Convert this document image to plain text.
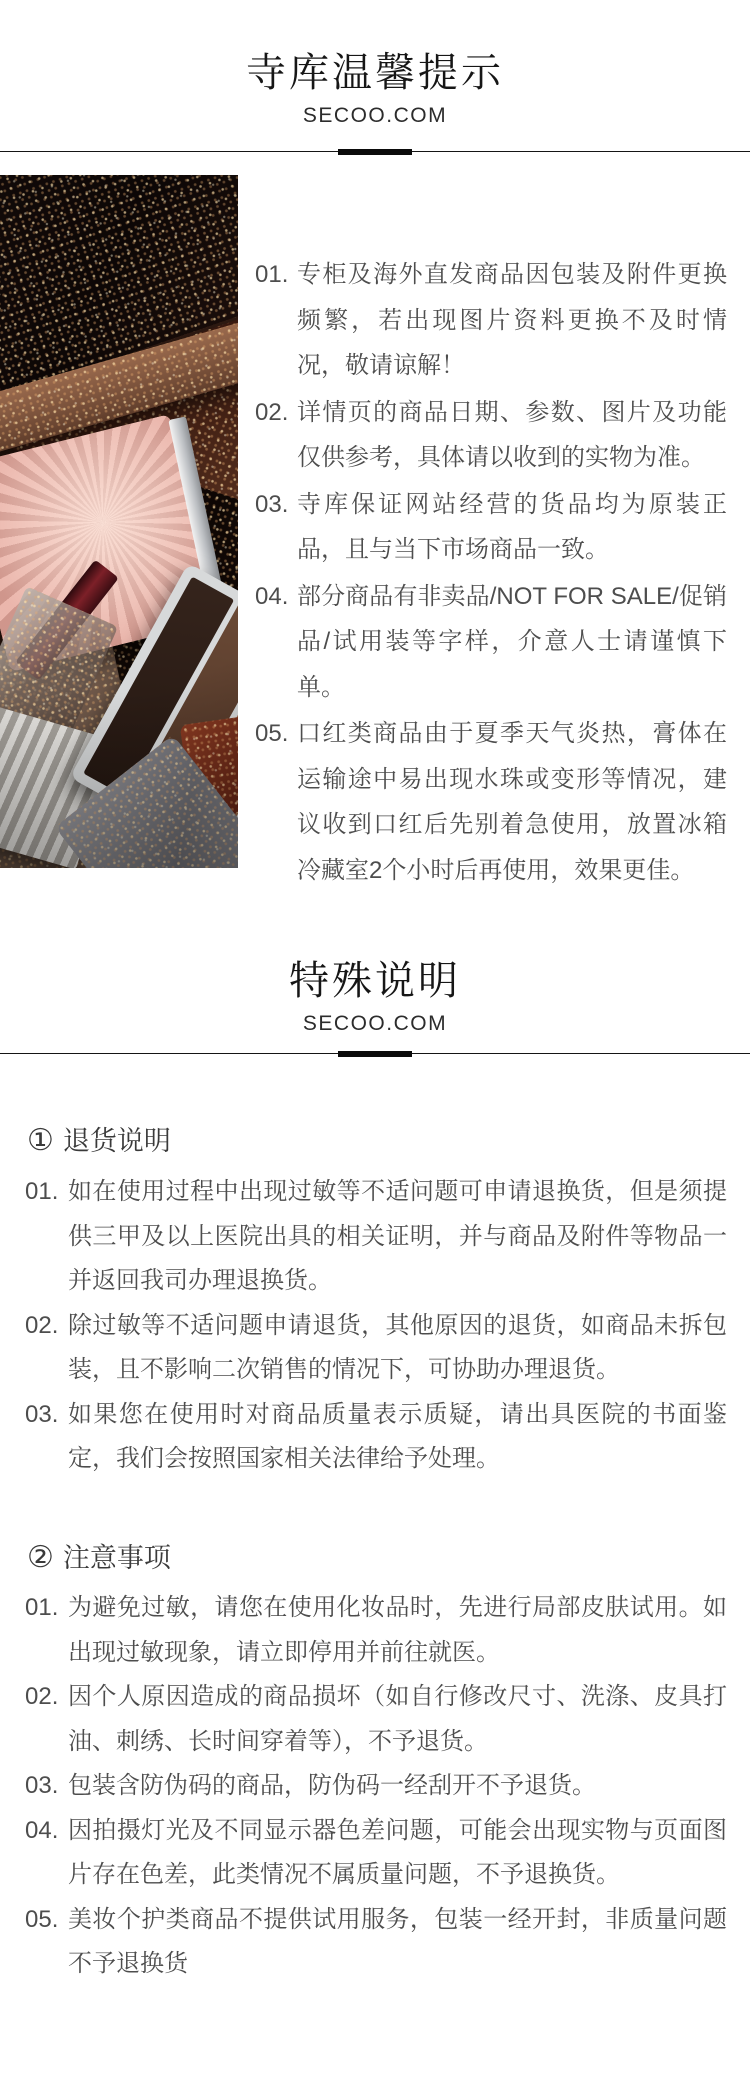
寺库温馨提示
SECOO.COM
01. 专柜及海外直发商品因包装及附件更换频繁，若出现图片资料更换不及时情况，敬请谅解！
02. 详情页的商品日期、参数、图片及功能仅供参考，具体请以收到的实物为准。
03. 寺库保证网站经营的货品均为原装正品，且与当下市场商品一致。
04. 部分商品有非卖品/NOT FOR SALE/促销品/试用装等字样，介意人士请谨慎下单。
05. 口红类商品由于夏季天气炎热，膏体在运输途中易出现水珠或变形等情况，建议收到口红后先别着急使用，放置冰箱冷藏室2个小时后再使用，效果更佳。
特殊说明
SECOO.COM
① 退货说明
01. 如在使用过程中出现过敏等不适问题可申请退换货，但是须提供三甲及以上医院出具的相关证明，并与商品及附件等物品一并返回我司办理退换货。
02. 除过敏等不适问题申请退货，其他原因的退货，如商品未拆包装，且不影响二次销售的情况下，可协助办理退货。
03. 如果您在使用时对商品质量表示质疑，请出具医院的书面鉴定，我们会按照国家相关法律给予处理。
② 注意事项
01. 为避免过敏，请您在使用化妆品时，先进行局部皮肤试用。如出现过敏现象，请立即停用并前往就医。
02. 因个人原因造成的商品损坏（如自行修改尺寸、洗涤、皮具打油、刺绣、长时间穿着等），不予退货。
03. 包装含防伪码的商品，防伪码一经刮开不予退货。
04. 因拍摄灯光及不同显示器色差问题，可能会出现实物与页面图片存在色差，此类情况不属质量问题，不予退换货。
05. 美妆个护类商品不提供试用服务，包装一经开封，非质量问题不予退换货
